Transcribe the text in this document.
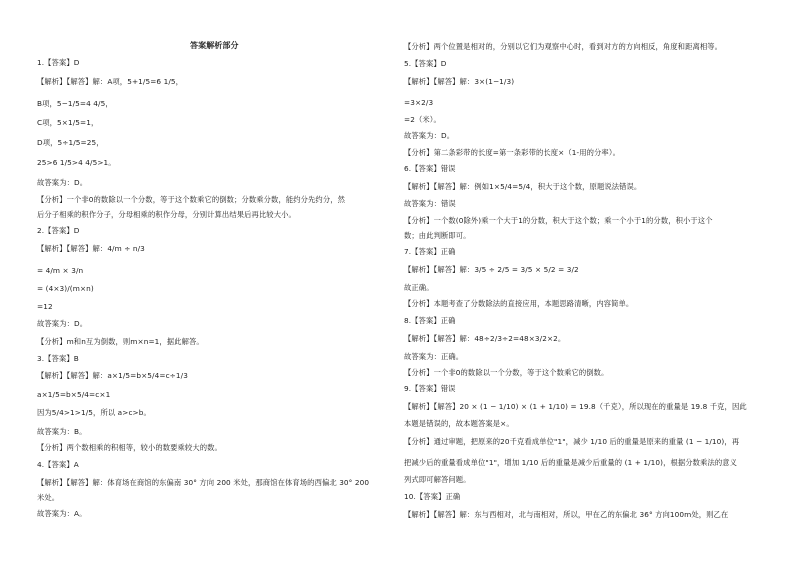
答案解析部分
1.【答案】D
【解析】【解答】解：A项，5+1/5=6 1/5，
B项，5−1/5=4 4/5，
C项，5×1/5=1，
D项，5÷1/5=25，
25>6 1/5>4 4/5>1。
故答案为：D。
【分析】一个非0的数除以一个分数，等于这个数乘它的倒数；分数乘分数，能约分先约分，然
后分子相乘的积作分子，分母相乘的积作分母，分别计算出结果后再比较大小。
2.【答案】D
【解析】【解答】解：4/m ÷ n/3
= 4/m × 3/n
= (4×3)/(m×n)
=12
故答案为：D。
【分析】m和n互为倒数，则m×n=1，据此解答。
3.【答案】B
【解析】【解答】解：a×1/5=b×5/4=c÷1/3
a×1/5=b×5/4=c×1
因为5/4>1>1/5，所以 a>c>b。
故答案为：B。
【分析】两个数相乘的积相等，较小的数要乘较大的数。
4.【答案】A
【解析】【解答】解：体育场在商馆的东偏南 30° 方向 200 米处，那商馆在体育场的西偏北 30° 200
米处。
故答案为：A。
【分析】两个位置是相对的，分别以它们为观察中心时，看到对方的方向相反，角度和距离相等。
5.【答案】D
【解析】【解答】解：3×(1−1/3)
=3×2/3
=2（米）。
故答案为：D。
【分析】第二条彩带的长度=第一条彩带的长度×（1-用的分率）。
6.【答案】错误
【解析】【解答】解：例如1×5/4=5/4，积大于这个数，原题说法错误。
故答案为：错误
【分析】一个数(0除外)乘一个大于1的分数，积大于这个数；乘一个小于1的分数，积小于这个
数；由此判断即可。
7.【答案】正确
【解析】【解答】解：3/5 ÷ 2/5 = 3/5 × 5/2 = 3/2
故正确。
【分析】本题考查了分数除法的直接应用，本题思路清晰，内容简单。
8.【答案】正确
【解析】【解答】解：48÷2/3÷2=48×3/2×2。
故答案为：正确。
【分析】一个非0的数除以一个分数，等于这个数乘它的倒数。
9.【答案】错误
【解析】【解答】20 × (1 − 1/10) × (1 + 1/10) = 19.8（千克），所以现在的重量是 19.8 千克，因此
本题是错误的，故本题答案是×。
【分析】通过审题，把原来的20千克看成单位"1"，减少 1/10 后的重量是原来的重量 (1 − 1/10)，再
把减少后的重量看成单位"1"，增加 1/10 后的重量是减少后重量的 (1 + 1/10)，根据分数乘法的意义
列式即可解答问题。
10.【答案】正确
【解析】【解答】解：东与西相对，北与南相对，所以，甲在乙的东偏北 36° 方向100m处，则乙在
